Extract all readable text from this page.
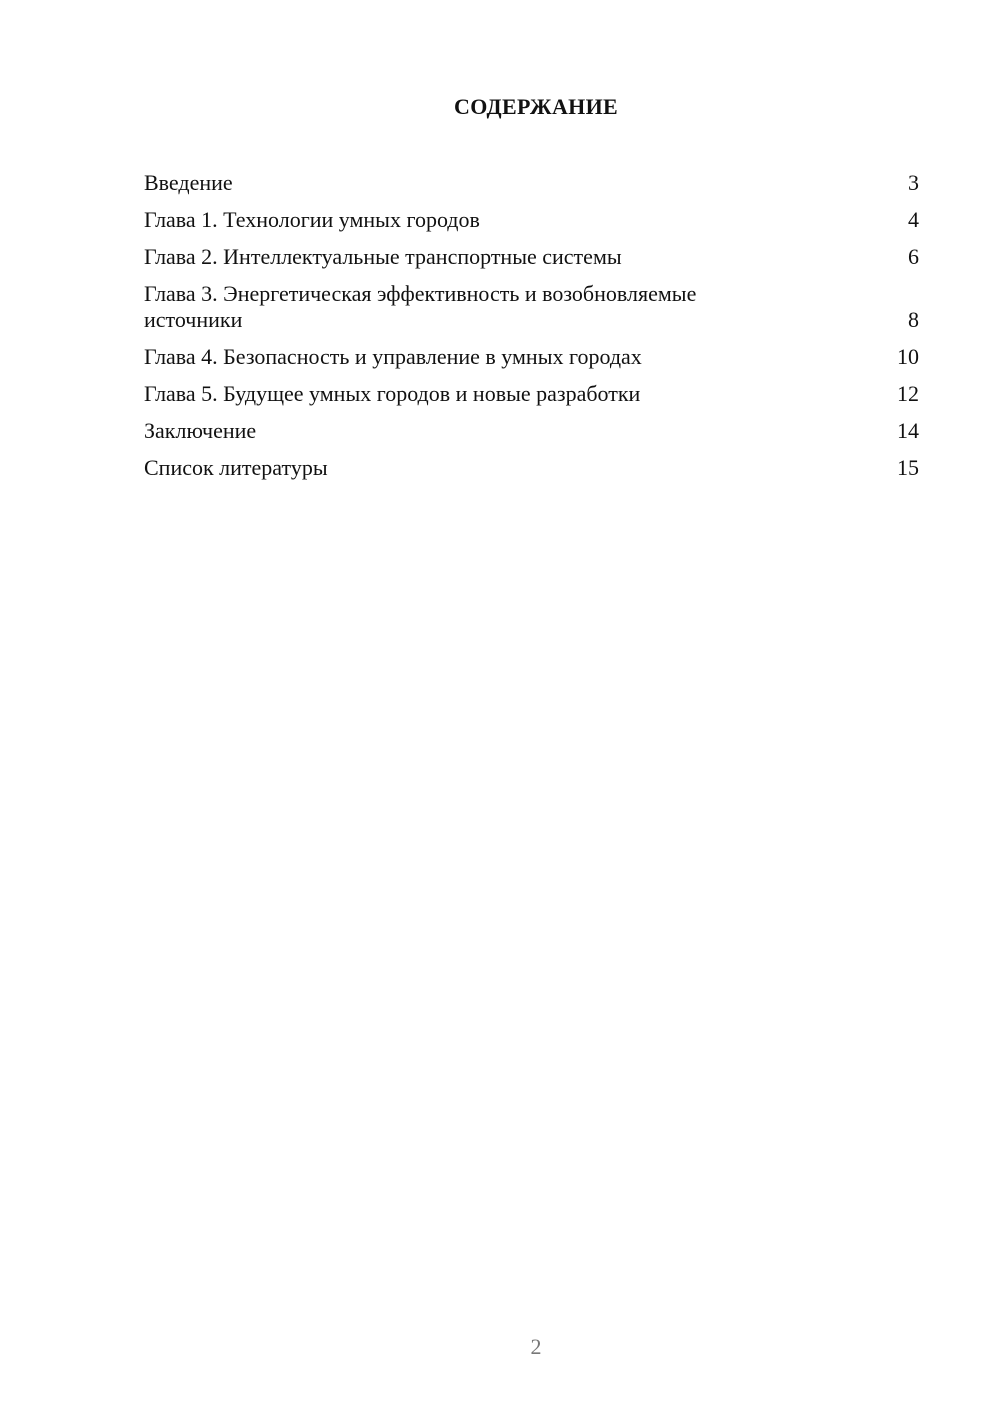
СОДЕРЖАНИЕ
Введение	3
Глава 1. Технологии умных городов	4
Глава 2. Интеллектуальные транспортные системы	6
Глава 3. Энергетическая эффективность и возобновляемые источники	8
Глава 4. Безопасность и управление в умных городах	10
Глава 5. Будущее умных городов и новые разработки	12
Заключение	14
Список литературы	15
2
